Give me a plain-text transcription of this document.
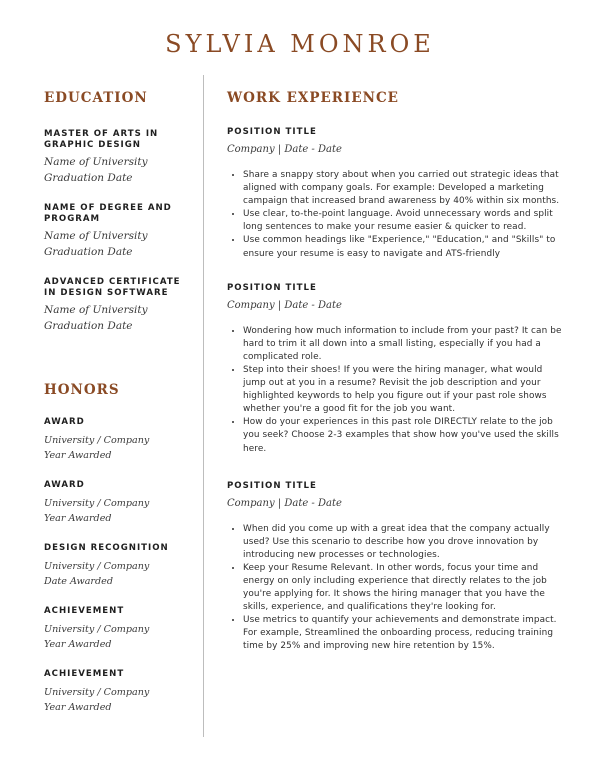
SYLVIA MONROE
EDUCATION
MASTER OF ARTS IN GRAPHIC DESIGN
Name of University
Graduation Date
NAME OF DEGREE AND PROGRAM
Name of University
Graduation Date
ADVANCED CERTIFICATE IN DESIGN SOFTWARE
Name of University
Graduation Date
HONORS
AWARD
University / Company
Year Awarded
AWARD
University / Company
Year Awarded
DESIGN RECOGNITION
University / Company
Date Awarded
ACHIEVEMENT
University / Company
Year Awarded
ACHIEVEMENT
University / Company
Year Awarded
WORK EXPERIENCE
POSITION TITLE
Company | Date - Date
• Share a snappy story about when you carried out strategic ideas that aligned with company goals. For example: Developed a marketing campaign that increased brand awareness by 40% within six months.
• Use clear, to-the-point language. Avoid unnecessary words and split long sentences to make your resume easier & quicker to read.
• Use common headings like "Experience," "Education," and "Skills" to ensure your resume is easy to navigate and ATS-friendly
POSITION TITLE
Company | Date - Date
• Wondering how much information to include from your past? It can be hard to trim it all down into a small listing, especially if you had a complicated role.
• Step into their shoes! If you were the hiring manager, what would jump out at you in a resume? Revisit the job description and your highlighted keywords to help you figure out if your past role shows whether you're a good fit for the job you want.
• How do your experiences in this past role DIRECTLY relate to the job you seek? Choose 2-3 examples that show how you've used the skills here.
POSITION TITLE
Company | Date - Date
• When did you come up with a great idea that the company actually used? Use this scenario to describe how you drove innovation by introducing new processes or technologies.
• Keep your Resume Relevant. In other words, focus your time and energy on only including experience that directly relates to the job you're applying for. It shows the hiring manager that you have the skills, experience, and qualifications they're looking for.
• Use metrics to quantify your achievements and demonstrate impact. For example, Streamlined the onboarding process, reducing training time by 25% and improving new hire retention by 15%.
